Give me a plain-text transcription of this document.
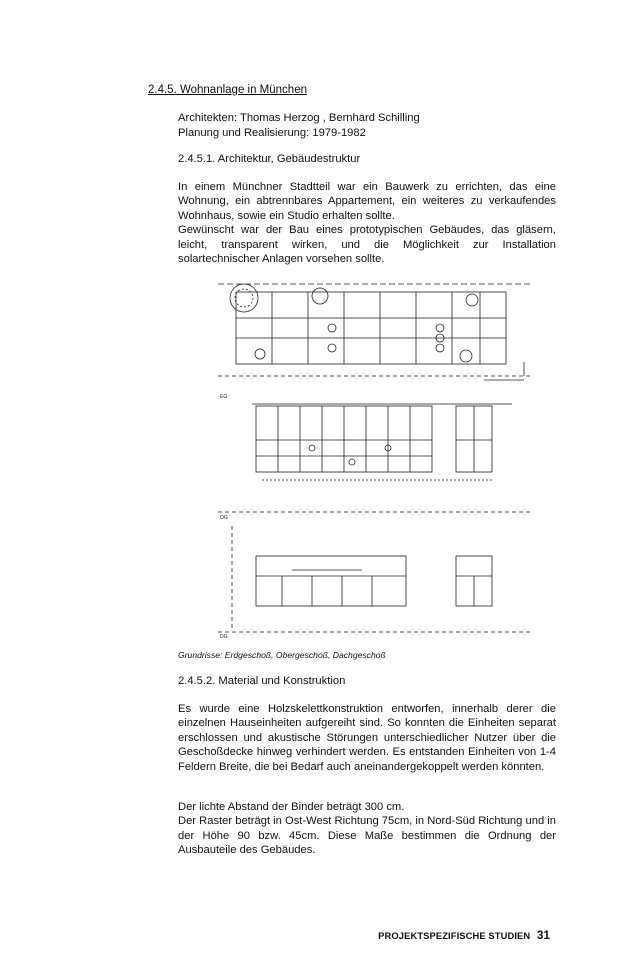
2.4.5. Wohnanlage in München
Architekten: Thomas Herzog , Bernhard Schilling
Planung und Realisierung: 1979-1982
2.4.5.1. Architektur, Gebäudestruktur

In einem Münchner Stadtteil war ein Bauwerk zu errichten, das eine Wohnung, ein abtrennbares Appartement, ein weiteres zu verkaufendes Wohnhaus, sowie ein Studio erhalten sollte.

Gewünscht war der Bau eines prototypischen Gebäudes, das gläsern, leicht, transparent wirken, und die Möglichkeit zur Installation solartechnischer Anlagen vorsehen sollte.

EG
OG
DG
Grundrisse: Erdgeschoß, Obergeschoß, Dachgeschoß
2.4.5.2. Material und Konstruktion

Es wurde eine Holzskelettkonstruktion entworfen, innerhalb derer die einzelnen Hauseinheiten aufgereiht sind. So konnten die Einheiten separat erschlossen und akustische Störungen unterschiedlicher Nutzer über die Geschoßdecke hinweg verhindert werden. Es entstanden Einheiten von 1-4 Feldern Breite, die bei Bedarf auch aneinandergekoppelt werden könnten.

Der lichte Abstand der Binder beträgt 300 cm.

Der Raster beträgt in Ost-West Richtung 75cm, in Nord-Süd Richtung und in der Höhe 90 bzw. 45cm. Diese Maße bestimmen die Ordnung der Ausbauteile des Gebäudes.

PROJEKTSPEZIFISCHE STUDIEN 31
